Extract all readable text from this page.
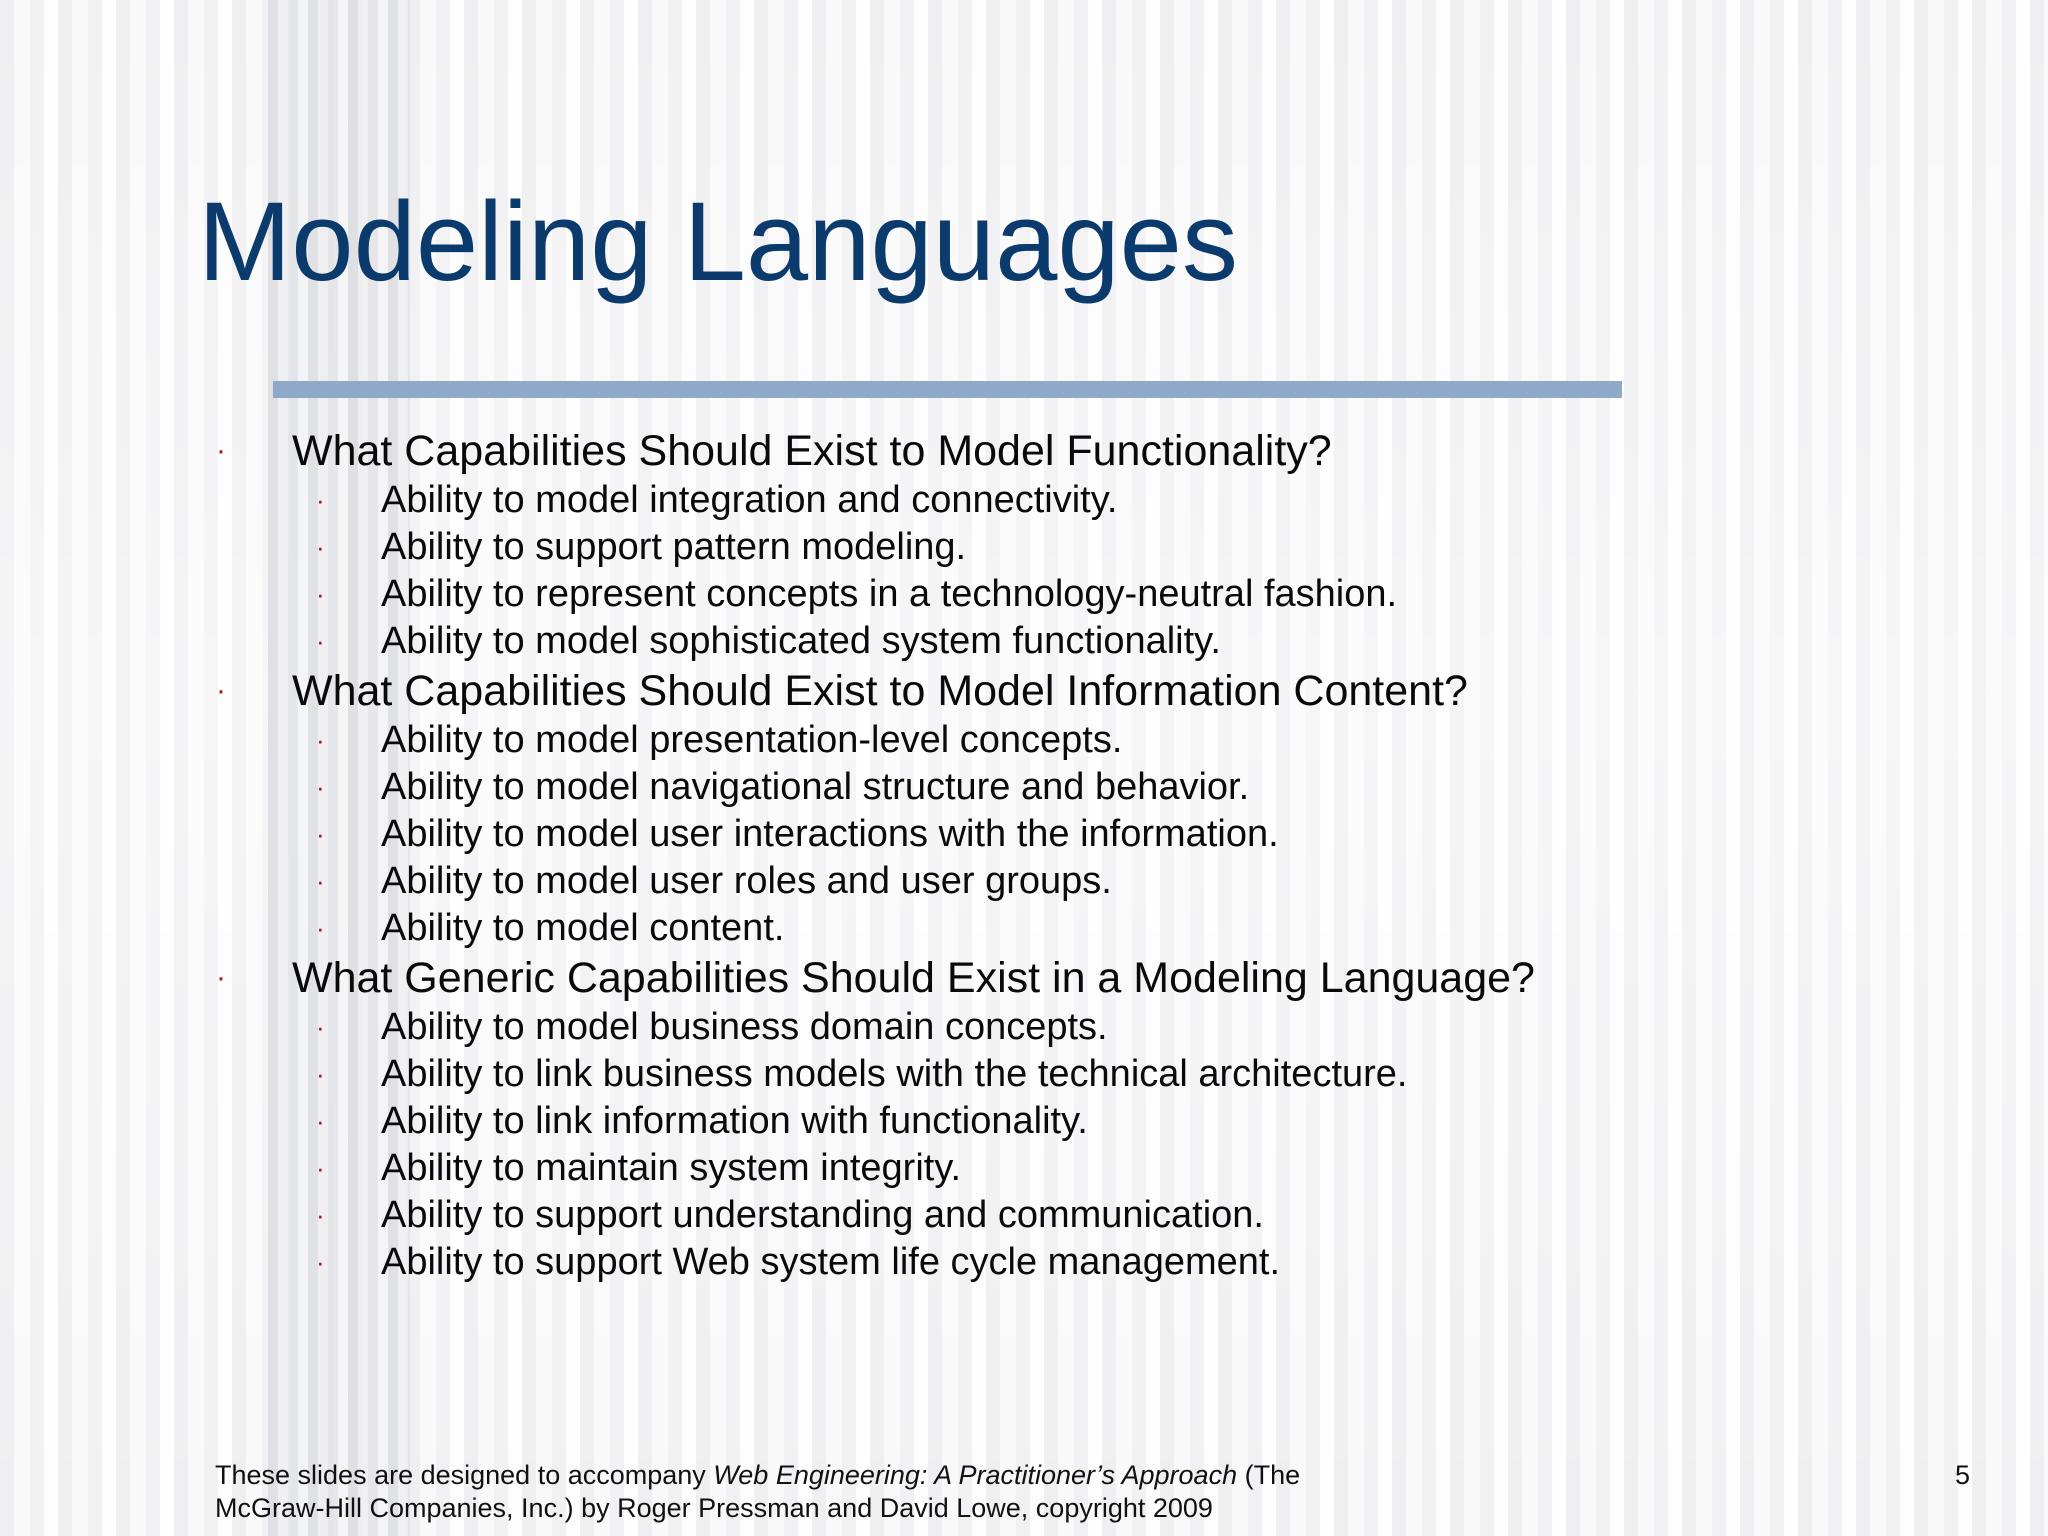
Modeling Languages
· What Capabilities Should Exist to Model Functionality?
· Ability to model integration and connectivity.
· Ability to support pattern modeling.
· Ability to represent concepts in a technology-neutral fashion.
· Ability to model sophisticated system functionality.
· What Capabilities Should Exist to Model Information Content?
· Ability to model presentation-level concepts.
· Ability to model navigational structure and behavior.
· Ability to model user interactions with the information.
· Ability to model user roles and user groups.
· Ability to model content.
· What Generic Capabilities Should Exist in a Modeling Language?
· Ability to model business domain concepts.
· Ability to link business models with the technical architecture.
· Ability to link information with functionality.
· Ability to maintain system integrity.
· Ability to support understanding and communication.
· Ability to support Web system life cycle management.
These slides are designed to accompany Web Engineering: A Practitioner’s Approach (The
McGraw-Hill Companies, Inc.) by Roger Pressman and David Lowe, copyright 2009
5
